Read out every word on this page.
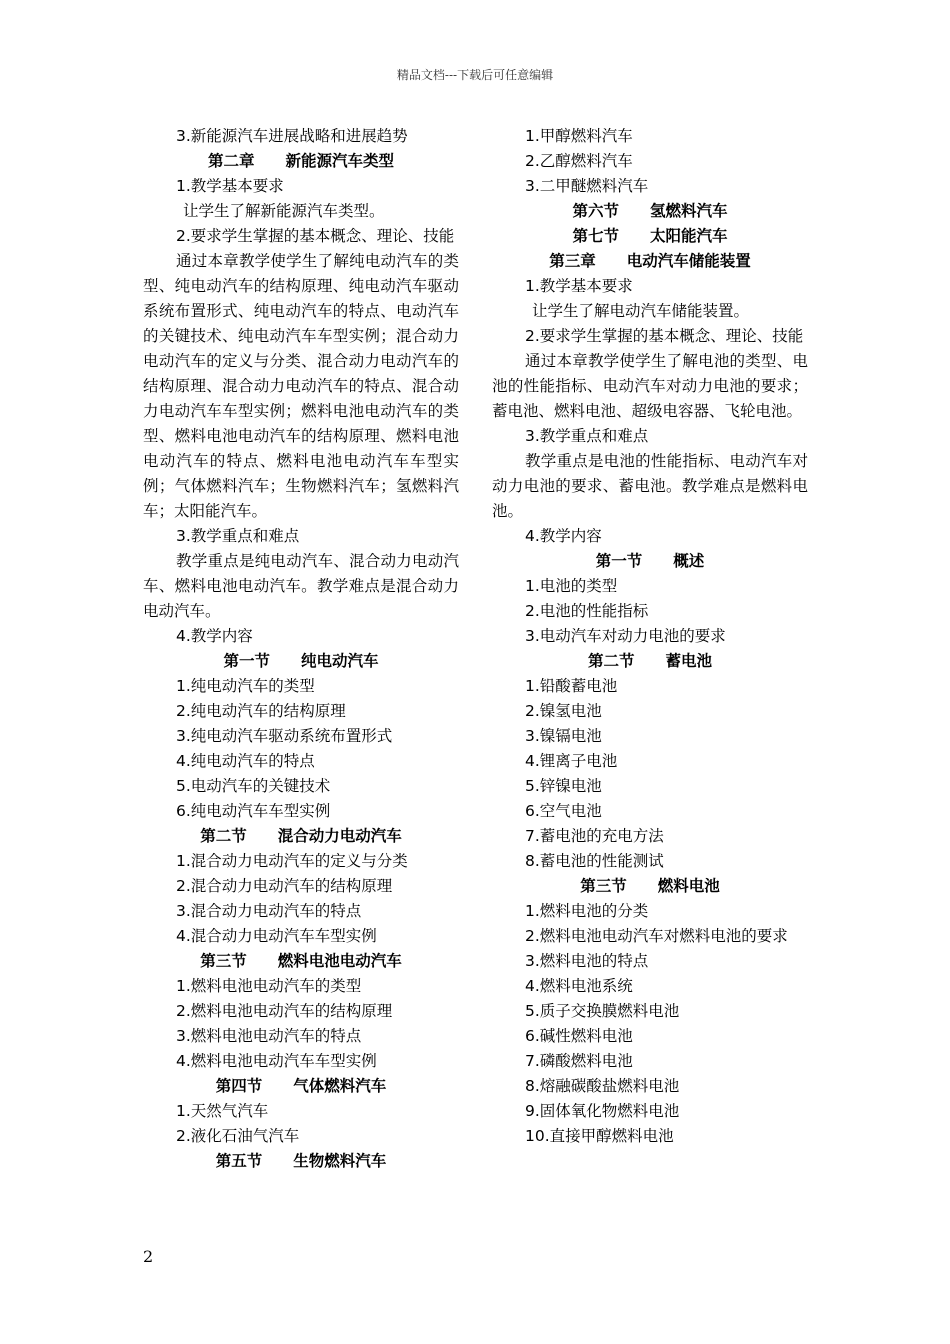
精品文档---下载后可任意编辑
3.新能源汽车进展战略和进展趋势
第二章　　新能源汽车类型
1.教学基本要求
让学生了解新能源汽车类型。
2.要求学生掌握的基本概念、理论、技能
通过本章教学使学生了解纯电动汽车的类型、纯电动汽车的结构原理、纯电动汽车驱动系统布置形式、纯电动汽车的特点、电动汽车的关键技术、纯电动汽车车型实例；混合动力电动汽车的定义与分类、混合动力电动汽车的结构原理、混合动力电动汽车的特点、混合动力电动汽车车型实例；燃料电池电动汽车的类型、燃料电池电动汽车的结构原理、燃料电池电动汽车的特点、燃料电池电动汽车车型实例；气体燃料汽车；生物燃料汽车；氢燃料汽车；太阳能汽车。
3.教学重点和难点
教学重点是纯电动汽车、混合动力电动汽车、燃料电池电动汽车。教学难点是混合动力电动汽车。
4.教学内容
第一节　　纯电动汽车
1.纯电动汽车的类型
2.纯电动汽车的结构原理
3.纯电动汽车驱动系统布置形式
4.纯电动汽车的特点
5.电动汽车的关键技术
6.纯电动汽车车型实例
第二节　　混合动力电动汽车
1.混合动力电动汽车的定义与分类
2.混合动力电动汽车的结构原理
3.混合动力电动汽车的特点
4.混合动力电动汽车车型实例
第三节　　燃料电池电动汽车
1.燃料电池电动汽车的类型
2.燃料电池电动汽车的结构原理
3.燃料电池电动汽车的特点
4.燃料电池电动汽车车型实例
第四节　　气体燃料汽车
1.天然气汽车
2.液化石油气汽车
第五节　　生物燃料汽车
1.甲醇燃料汽车
2.乙醇燃料汽车
3.二甲醚燃料汽车
第六节　　氢燃料汽车
第七节　　太阳能汽车
第三章　　电动汽车储能装置
1.教学基本要求
让学生了解电动汽车储能装置。
2.要求学生掌握的基本概念、理论、技能
通过本章教学使学生了解电池的类型、电池的性能指标、电动汽车对动力电池的要求；蓄电池、燃料电池、超级电容器、飞轮电池。
3.教学重点和难点
教学重点是电池的性能指标、电动汽车对动力电池的要求、蓄电池。教学难点是燃料电池。
4.教学内容
第一节　　概述
1.电池的类型
2.电池的性能指标
3.电动汽车对动力电池的要求
第二节　　蓄电池
1.铅酸蓄电池
2.镍氢电池
3.镍镉电池
4.锂离子电池
5.锌镍电池
6.空气电池
7.蓄电池的充电方法
8.蓄电池的性能测试
第三节　　燃料电池
1.燃料电池的分类
2.燃料电池电动汽车对燃料电池的要求
3.燃料电池的特点
4.燃料电池系统
5.质子交换膜燃料电池
6.碱性燃料电池
7.磷酸燃料电池
8.熔融碳酸盐燃料电池
9.固体氧化物燃料电池
10.直接甲醇燃料电池
2
